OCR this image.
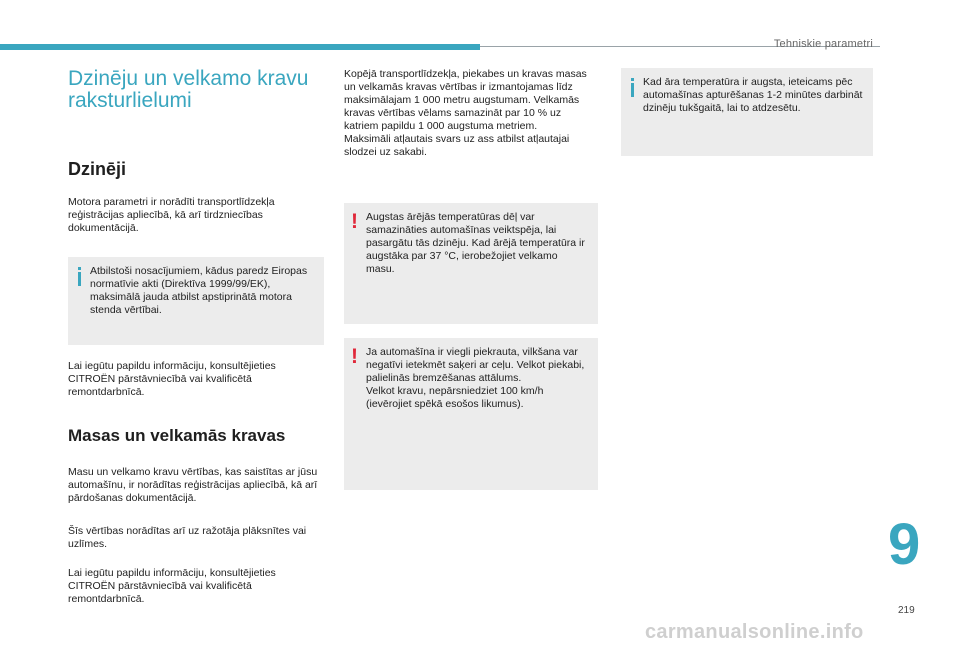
Tehniskie parametri
Dzinēju un velkamo kravu raksturlielumi
Dzinēji

Motora parametri ir norādīti transportlīdzekļa reģistrācijas apliecībā, kā arī tirdzniecības dokumentācijā.

Atbilstoši nosacījumiem, kādus paredz Eiropas normatīvie akti (Direktīva 1999/99/EK), maksimālā jauda atbilst apstiprinātā motora stenda vērtībai.

Lai iegūtu papildu informāciju, konsultējieties CITROËN pārstāvniecībā vai kvalificētā remontdarbnīcā.

Masas un velkamās kravas

Masu un velkamo kravu vērtības, kas saistītas ar jūsu automašīnu, ir norādītas reģistrācijas apliecībā, kā arī pārdošanas dokumentācijā.

Šīs vērtības norādītas arī uz ražotāja plāksnītes vai uzlīmes.

Lai iegūtu papildu informāciju, konsultējieties CITROËN pārstāvniecībā vai kvalificētā remontdarbnīcā.

Kopējā transportlīdzekļa, piekabes un kravas masas un velkamās kravas vērtības ir izmantojamas līdz maksimālajam 1 000 metru augstumam. Velkamās kravas vērtības vēlams samazināt par 10 % uz katriem papildu 1 000 augstuma metriem.

Maksimāli atļautais svars uz ass atbilst atļautajai slodzei uz sakabi.

! Augstas ārējās temperatūras dēļ var samazināties automašīnas veiktspēja, lai pasargātu tās dzinēju. Kad ārējā temperatūra ir augstāka par 37 °C, ierobežojiet velkamo masu.

! Ja automašīna ir viegli piekrauta, vilkšana var negatīvi ietekmēt saķeri ar ceļu. Velkot piekabi, palielinās bremzēšanas attālums.

Velkot kravu, nepārsniedziet 100 km/h (ievērojiet spēkā esošos likumus).

Kad āra temperatūra ir augsta, ieteicams pēc automašīnas apturēšanas 1-2 minūtes darbināt dzinēju tukšgaitā, lai to atdzesētu.

9
219
carmanualsonline.info
